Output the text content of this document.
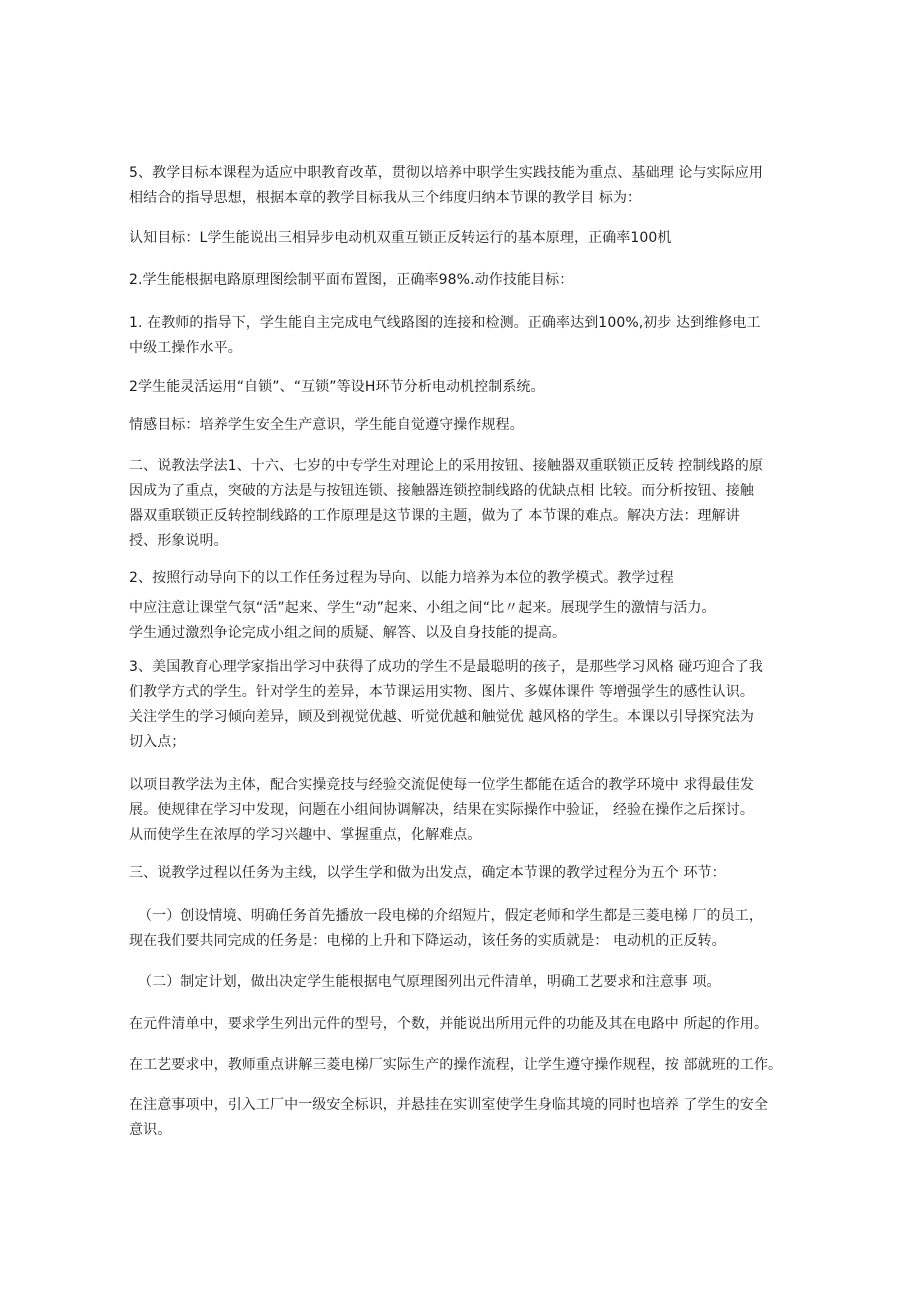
5、教学目标本课程为适应中职教育改革，贯彻以培养中职学生实践技能为重点、基础理 论与实际应用
相结合的指导思想，根据本章的教学目标我从三个纬度归纳本节课的教学目 标为：
认知目标：L学生能说出三相异步电动机双重互锁正反转运行的基本原理，正确率100机
2.学生能根据电路原理图绘制平面布置图，正确率98%.动作技能目标：
1. 在教师的指导下，学生能自主完成电气线路图的连接和检测。正确率达到100%,初步 达到维修电工
中级工操作水平。
2学生能灵活运用“自锁”、“互锁”等设H环节分析电动机控制系统。
情感目标：培养学生安全生产意识，学生能自觉遵守操作规程。
二、说教法学法1、十六、七岁的中专学生对理论上的采用按钮、接触器双重联锁正反转 控制线路的原
因成为了重点，突破的方法是与按钮连锁、接触器连锁控制线路的优缺点相 比较。而分析按钮、接触
器双重联锁正反转控制线路的工作原理是这节课的主题，做为了 本节课的难点。解决方法：理解讲
授、形象说明。
2、按照行动导向下的以工作任务过程为导向、以能力培养为本位的教学模式。教学过程
中应注意让课堂气氛“活”起来、学生“动”起来、小组之间“比〃起来。展现学生的激情与活力。
学生通过激烈争论完成小组之间的质疑、解答、以及自身技能的提高。
3、美国教育心理学家指出学习中获得了成功的学生不是最聪明的孩子，是那些学习风格 碰巧迎合了我
们教学方式的学生。针对学生的差异，本节课运用实物、图片、多媒体课件 等增强学生的感性认识。
关注学生的学习倾向差异，顾及到视觉优越、听觉优越和触觉优 越风格的学生。本课以引导探究法为
切入点；
以项目教学法为主体，配合实操竞技与经验交流促使每一位学生都能在适合的教学环境中 求得最佳发
展。使规律在学习中发现，问题在小组间协调解决，结果在实际操作中验证， 经验在操作之后探讨。
从而使学生在浓厚的学习兴趣中、掌握重点，化解难点。
三、说教学过程以任务为主线，以学生学和做为出发点，确定本节课的教学过程分为五个 环节：
（一）创设情境、明确任务首先播放一段电梯的介绍短片，假定老师和学生都是三菱电梯 厂的员工，
现在我们要共同完成的任务是：电梯的上升和下降运动，该任务的实质就是： 电动机的正反转。
（二）制定计划，做出决定学生能根据电气原理图列出元件清单，明确工艺要求和注意事 项。
在元件清单中，要求学生列出元件的型号，个数，并能说出所用元件的功能及其在电路中 所起的作用。
在工艺要求中，教师重点讲解三菱电梯厂实际生产的操作流程，让学生遵守操作规程，按 部就班的工作。
在注意事项中，引入工厂中一级安全标识，并悬挂在实训室使学生身临其境的同时也培养 了学生的安全
意识。
